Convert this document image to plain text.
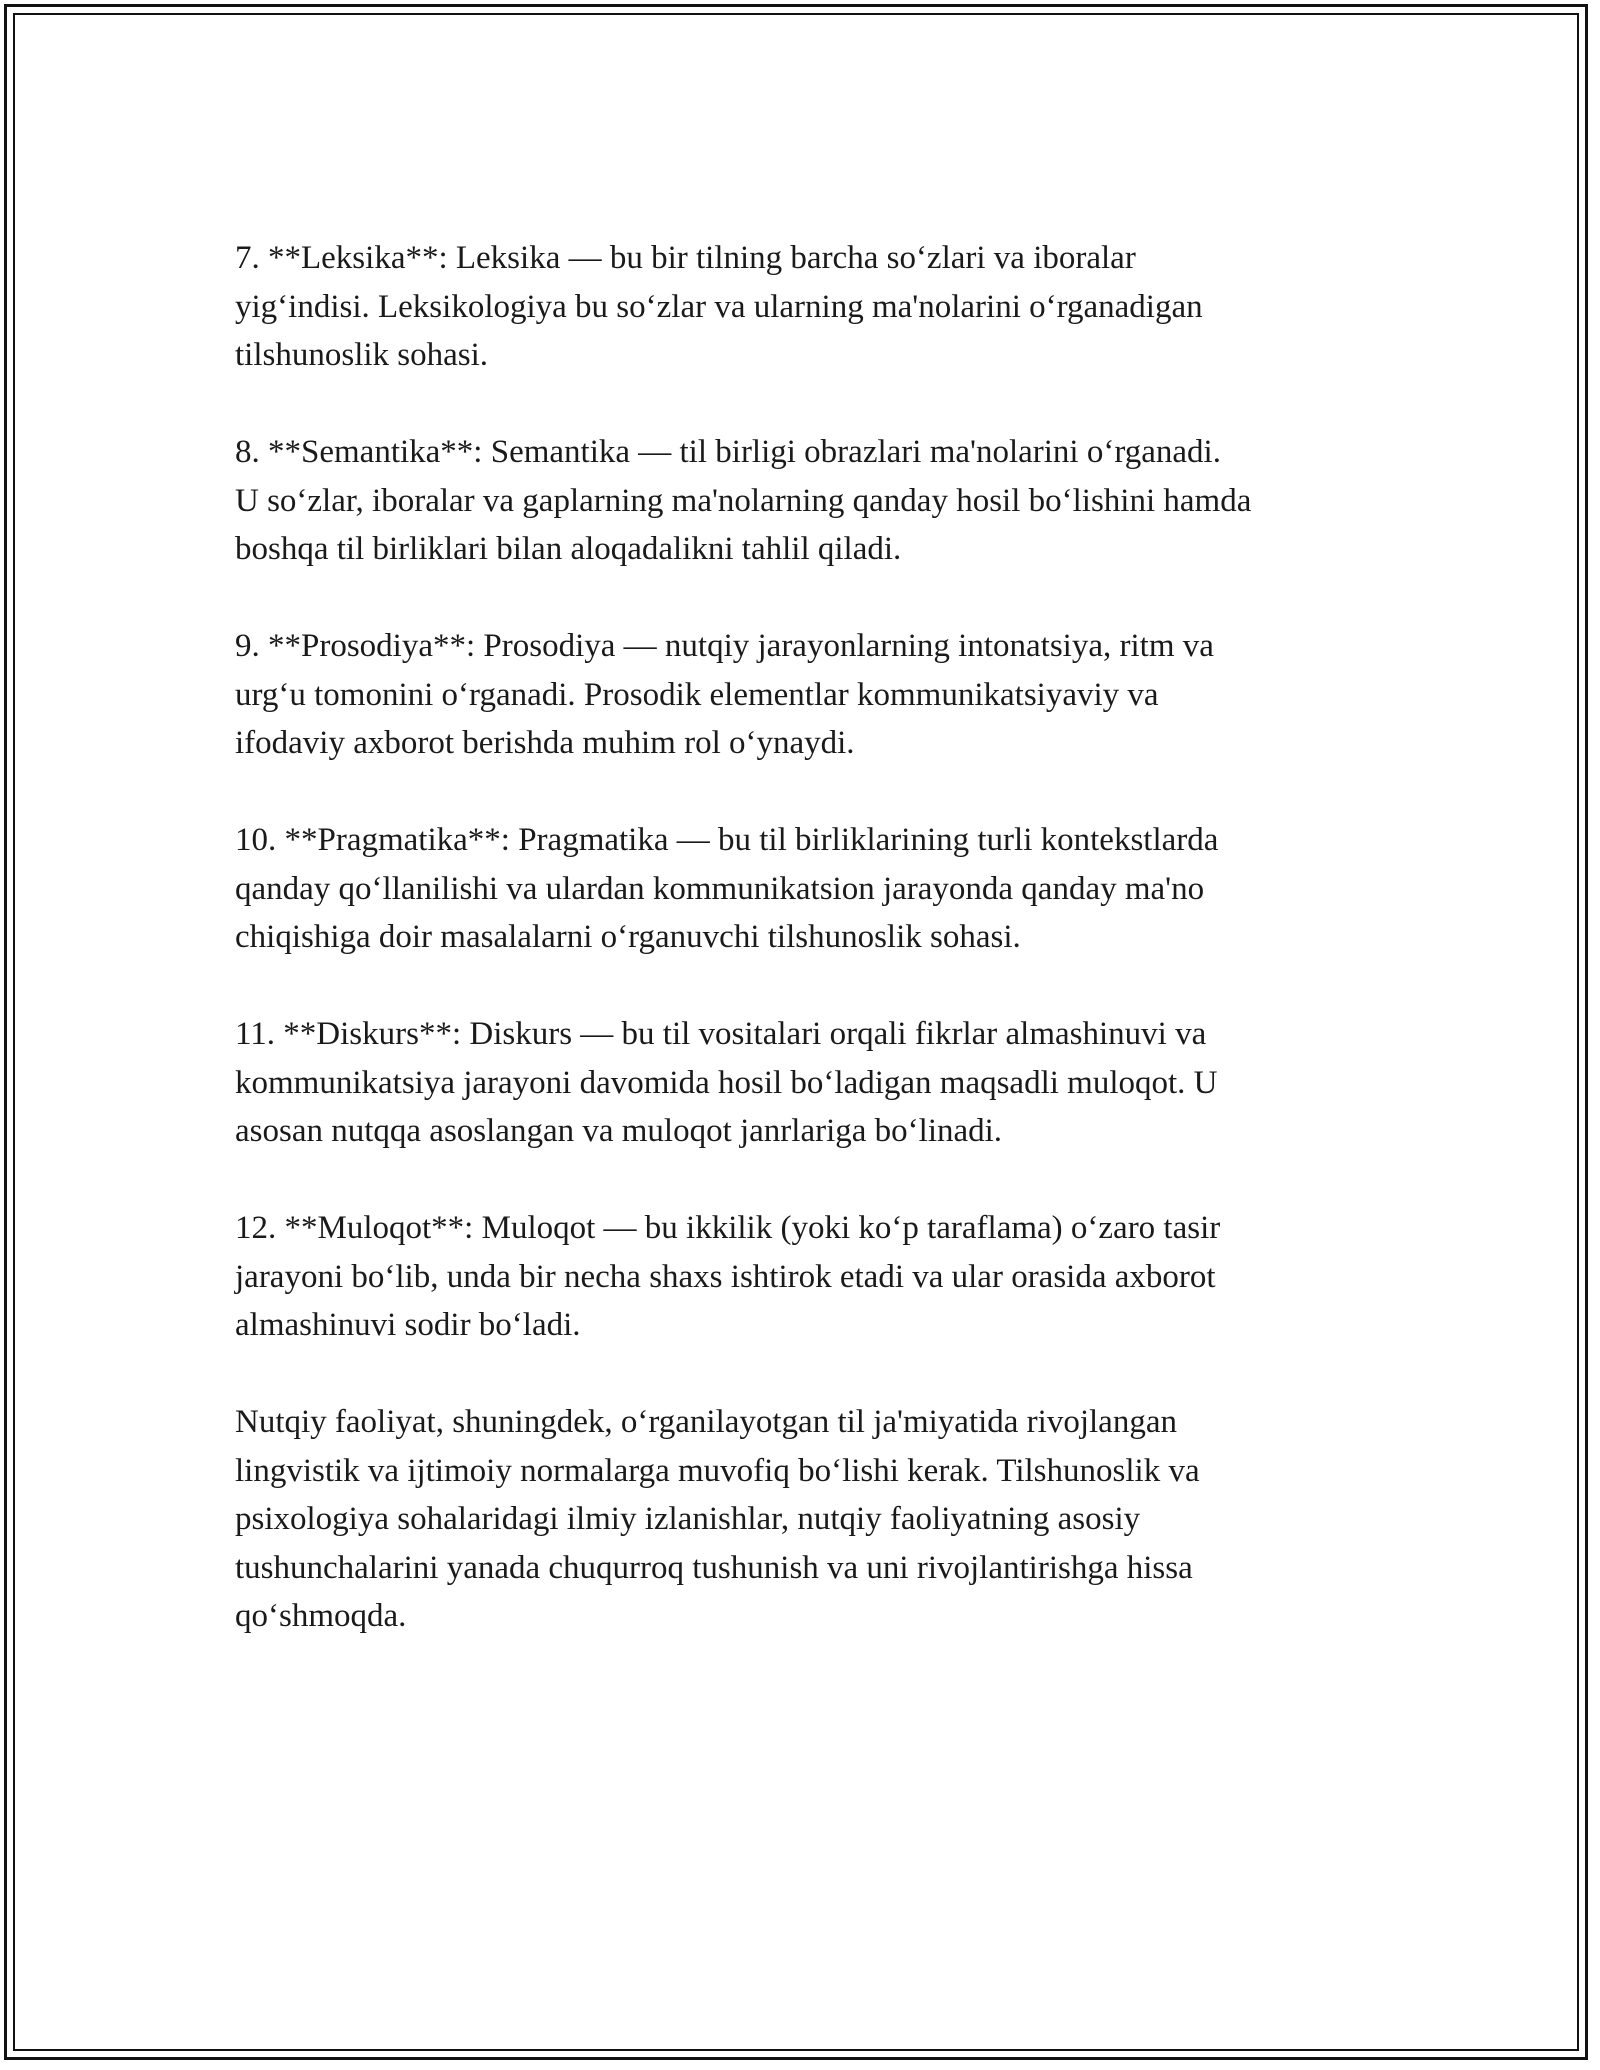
7. **Leksika**: Leksika — bu bir tilning barcha so‘zlari va iboralar
yig‘indisi. Leksikologiya bu so‘zlar va ularning ma'nolarini o‘rganadigan
tilshunoslik sohasi.

8. **Semantika**: Semantika — til birligi obrazlari ma'nolarini o‘rganadi.
U so‘zlar, iboralar va gaplarning ma'nolarning qanday hosil bo‘lishini hamda
boshqa til birliklari bilan aloqadalikni tahlil qiladi.

9. **Prosodiya**: Prosodiya — nutqiy jarayonlarning intonatsiya, ritm va
urg‘u tomonini o‘rganadi. Prosodik elementlar kommunikatsiyaviy va
ifodaviy axborot berishda muhim rol o‘ynaydi.

10. **Pragmatika**: Pragmatika — bu til birliklarining turli kontekstlarda
qanday qo‘llanilishi va ulardan kommunikatsion jarayonda qanday ma'no
chiqishiga doir masalalarni o‘rganuvchi tilshunoslik sohasi.

11. **Diskurs**: Diskurs — bu til vositalari orqali fikrlar almashinuvi va
kommunikatsiya jarayoni davomida hosil bo‘ladigan maqsadli muloqot. U
asosan nutqqa asoslangan va muloqot janrlariga bo‘linadi.

12. **Muloqot**: Muloqot — bu ikkilik (yoki ko‘p taraflama) o‘zaro tasir
jarayoni bo‘lib, unda bir necha shaxs ishtirok etadi va ular orasida axborot
almashinuvi sodir bo‘ladi.

Nutqiy faoliyat, shuningdek, o‘rganilayotgan til ja'miyatida rivojlangan
lingvistik va ijtimoiy normalarga muvofiq bo‘lishi kerak. Tilshunoslik va
psixologiya sohalaridagi ilmiy izlanishlar, nutqiy faoliyatning asosiy
tushunchalarini yanada chuqurroq tushunish va uni rivojlantirishga hissa
qo‘shmoqda.
